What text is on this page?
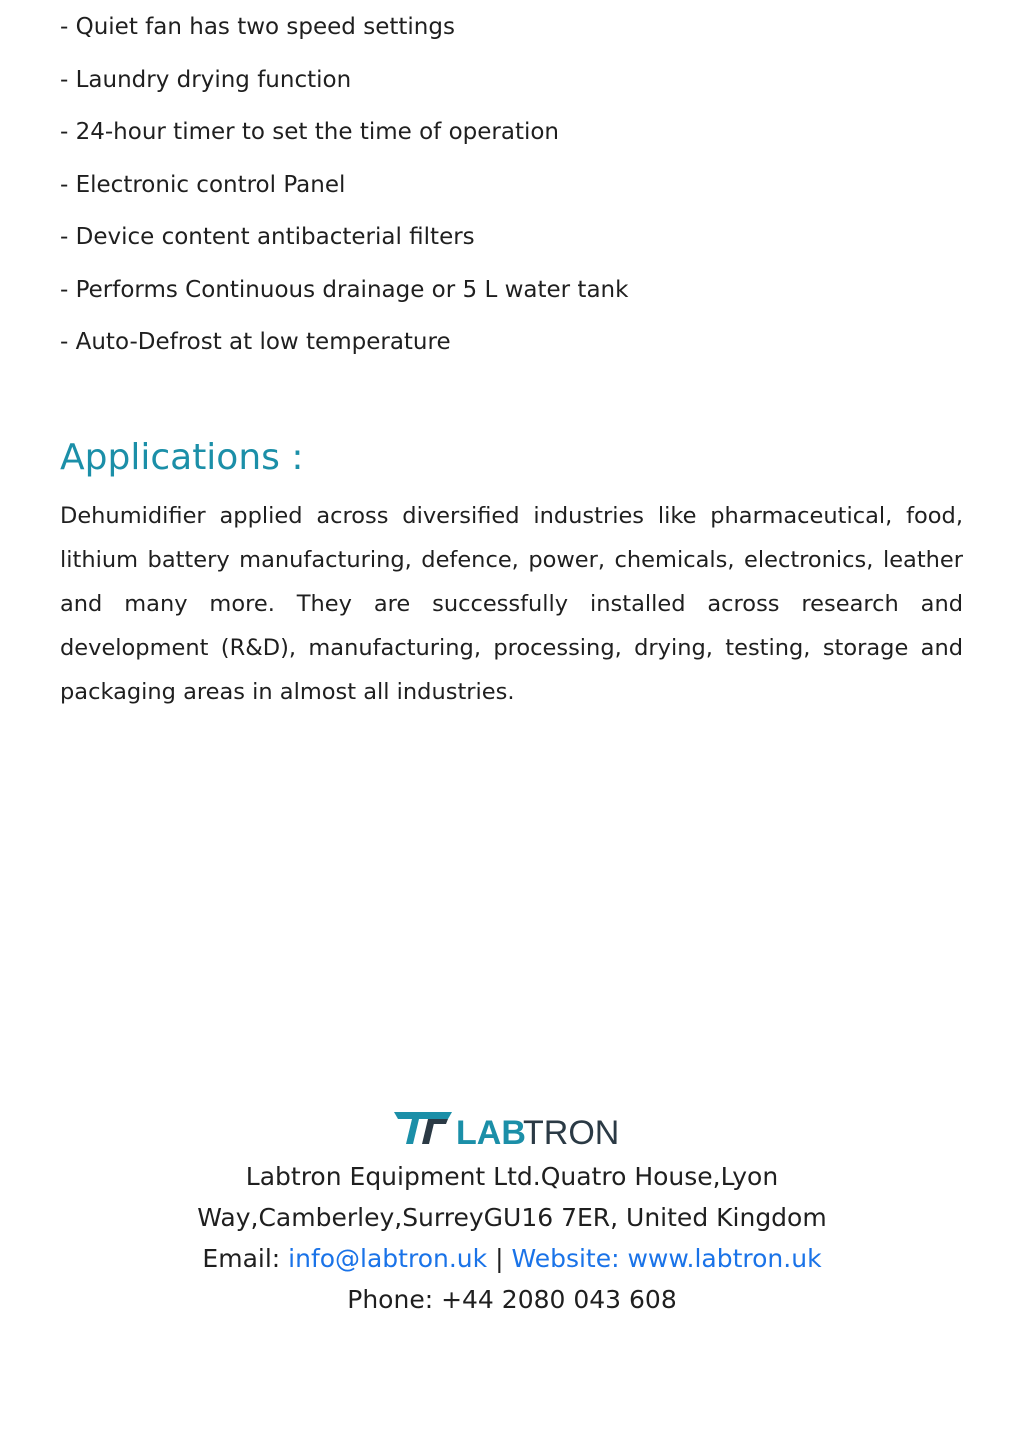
- Quiet fan has two speed settings
- Laundry drying function
- 24-hour timer to set the time of operation
- Electronic control Panel
- Device content antibacterial filters
- Performs Continuous drainage or 5 L water tank
- Auto-Defrost at low temperature
Applications :

Dehumidifier applied across diversified industries like pharmaceutical, food, lithium battery manufacturing, defence, power, chemicals, electronics, leather and many more. They are successfully installed across research and development (R&D), manufacturing, processing, drying, testing, storage and packaging areas in almost all industries.

LAB
TRON
Labtron Equipment Ltd.Quatro House,Lyon
Way,Camberley,SurreyGU16 7ER, United Kingdom
Email: info@labtron.uk | Website: www.labtron.uk
Phone: +44 2080 043 608
